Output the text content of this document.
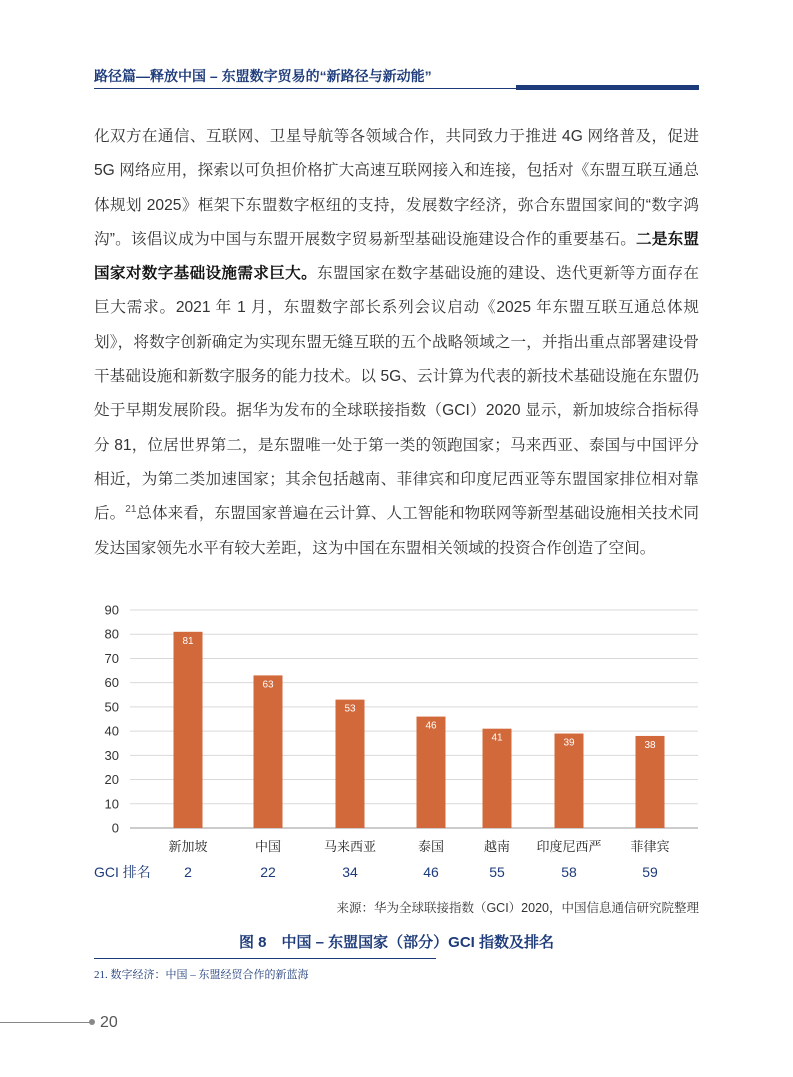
路径篇—释放中国 – 东盟数字贸易的“新路径与新动能”

化双方在通信、互联网、卫星导航等各领域合作，共同致力于推进 4G 网络普及，促进 5G 网络应用，探索以可负担价格扩大高速互联网接入和连接，包括对《东盟互联互通总体规划 2025》框架下东盟数字枢纽的支持，发展数字经济，弥合东盟国家间的“数字鸿沟”。该倡议成为中国与东盟开展数字贸易新型基础设施建设合作的重要基石。二是东盟国家对数字基础设施需求巨大。东盟国家在数字基础设施的建设、迭代更新等方面存在巨大需求。2021 年 1 月，东盟数字部长系列会议启动《2025 年东盟互联互通总体规划》，将数字创新确定为实现东盟无缝互联的五个战略领域之一，并指出重点部署建设骨干基础设施和新数字服务的能力技术。以 5G、云计算为代表的新技术基础设施在东盟仍处于早期发展阶段。据华为发布的全球联接指数（GCI）2020 显示，新加坡综合指标得分 81，位居世界第二，是东盟唯一处于第一类的领跑国家；马来西亚、泰国与中国评分相近，为第二类加速国家；其余包括越南、菲律宾和印度尼西亚等东盟国家排位相对靠后。$^{21}$总体来看，东盟国家普遍在云计算、人工智能和物联网等新型基础设施相关技术同发达国家领先水平有较大差距，这为中国在东盟相关领域的投资合作创造了空间。

0
10
20
30
40
50
60
70
80
90
81
新加坡
2
63
中国
22
53
马来西亚
34
46
泰国
46
41
越南
55
39
印度尼西严
58
38
菲律宾
59
GCI 排名
来源：华为全球联接指数（GCI）2020，中国信息通信研究院整理
图 8　中国 – 东盟国家（部分）GCI 指数及排名
21. 数字经济：中国 – 东盟经贸合作的新蓝海
20
